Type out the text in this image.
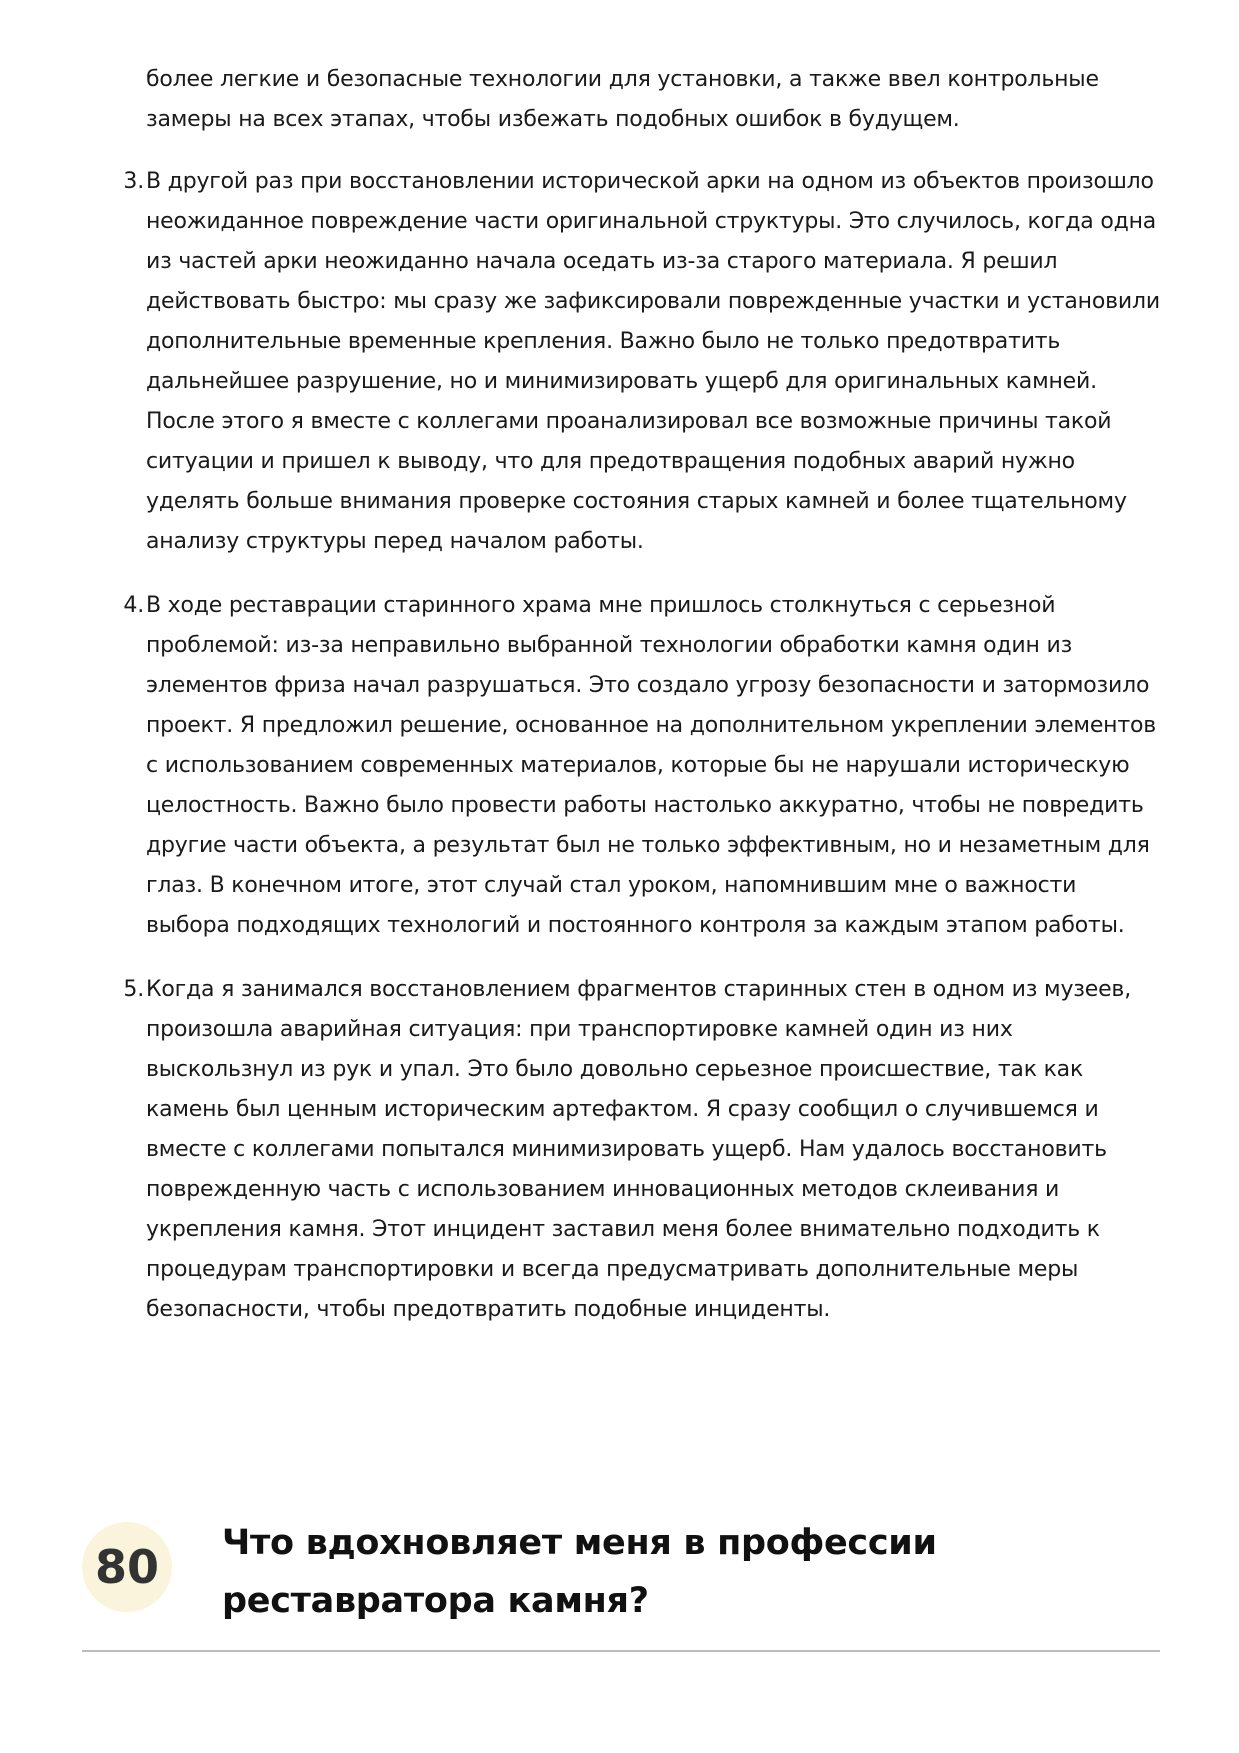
более легкие и безопасные технологии для установки, а также ввел контрольные замеры на всех этапах, чтобы избежать подобных ошибок в будущем.

3. В другой раз при восстановлении исторической арки на одном из объектов произошло неожиданное повреждение части оригинальной структуры. Это случилось, когда одна из частей арки неожиданно начала оседать из-за старого материала. Я решил действовать быстро: мы сразу же зафиксировали поврежденные участки и установили дополнительные временные крепления. Важно было не только предотвратить дальнейшее разрушение, но и минимизировать ущерб для оригинальных камней. После этого я вместе с коллегами проанализировал все возможные причины такой ситуации и пришел к выводу, что для предотвращения подобных аварий нужно уделять больше внимания проверке состояния старых камней и более тщательному анализу структуры перед началом работы.
4. В ходе реставрации старинного храма мне пришлось столкнуться с серьезной проблемой: из-за неправильно выбранной технологии обработки камня один из элементов фриза начал разрушаться. Это создало угрозу безопасности и затормозило проект. Я предложил решение, основанное на дополнительном укреплении элементов с использованием современных материалов, которые бы не нарушали историческую целостность. Важно было провести работы настолько аккуратно, чтобы не повредить другие части объекта, а результат был не только эффективным, но и незаметным для глаз. В конечном итоге, этот случай стал уроком, напомнившим мне о важности выбора подходящих технологий и постоянного контроля за каждым этапом работы.
5. Когда я занимался восстановлением фрагментов старинных стен в одном из музеев, произошла аварийная ситуация: при транспортировке камней один из них выскользнул из рук и упал. Это было довольно серьезное происшествие, так как камень был ценным историческим артефактом. Я сразу сообщил о случившемся и вместе с коллегами попытался минимизировать ущерб. Нам удалось восстановить поврежденную часть с использованием инновационных методов склеивания и укрепления камня. Этот инцидент заставил меня более внимательно подходить к процедурам транспортировки и всегда предусматривать дополнительные меры безопасности, чтобы предотвратить подобные инциденты.
80	Что вдохновляет меня в профессии реставратора камня?
